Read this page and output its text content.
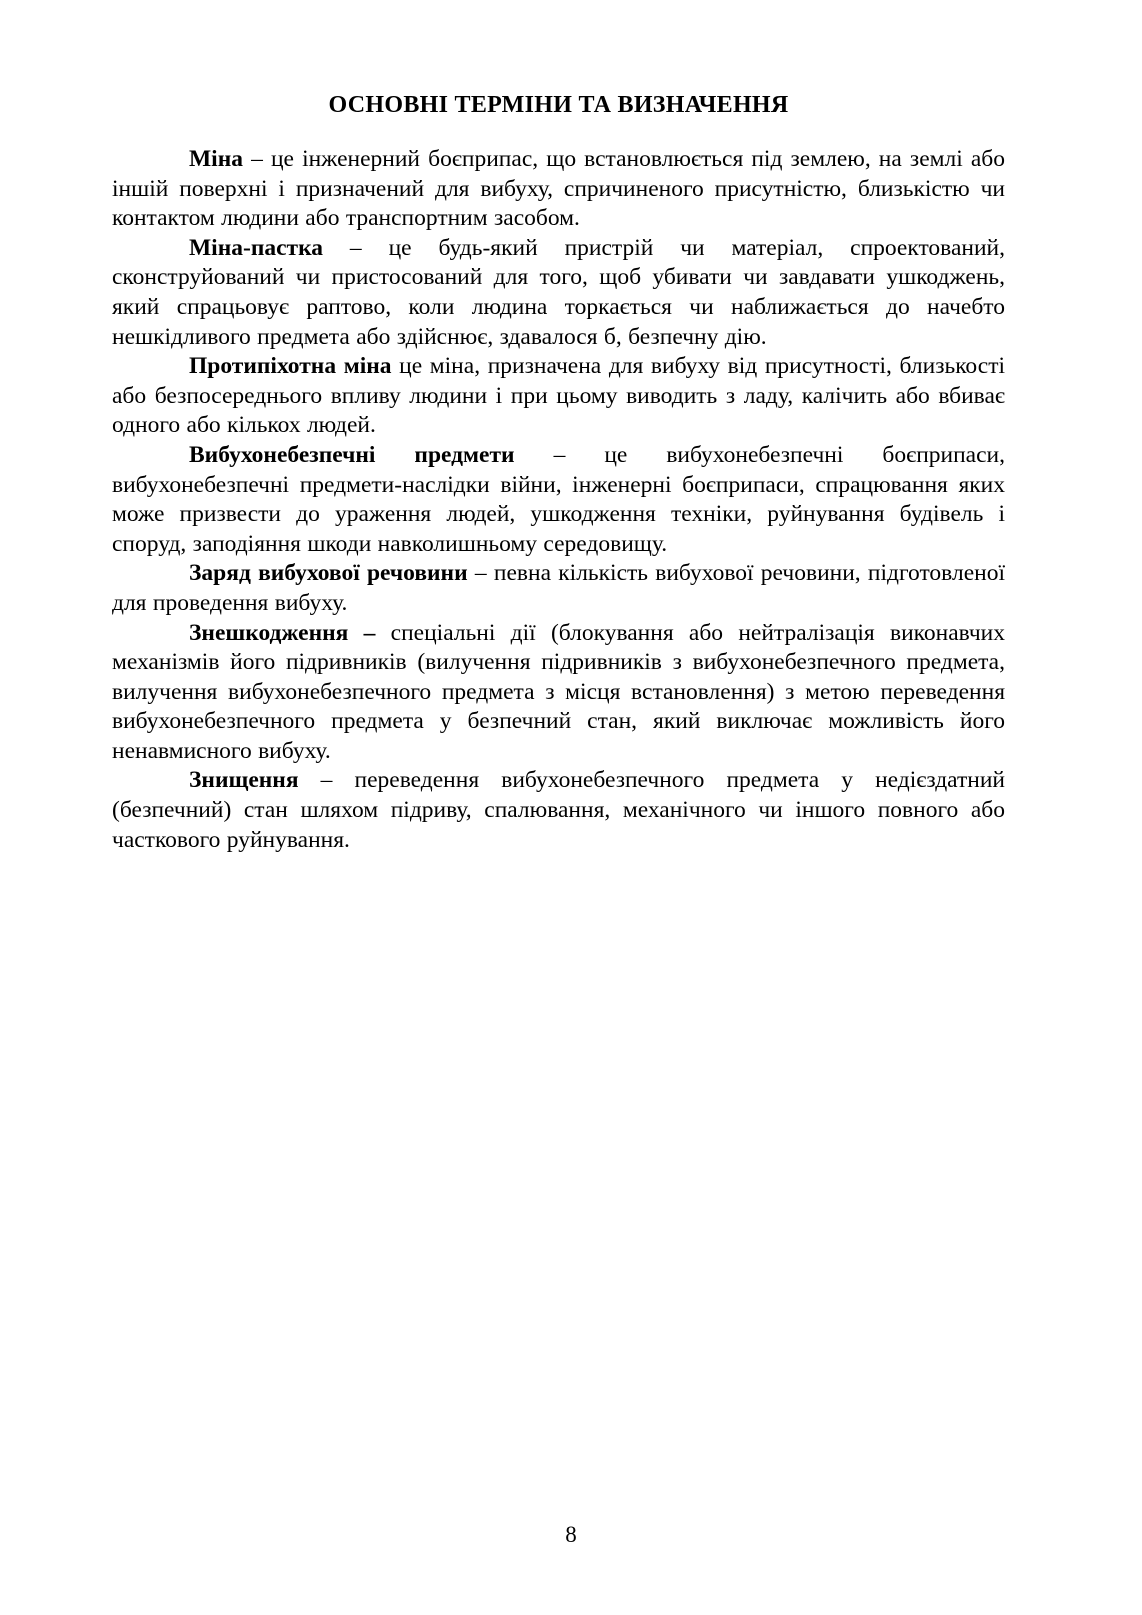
ОСНОВНІ ТЕРМІНИ ТА ВИЗНАЧЕННЯ

Міна – це інженерний боєприпас, що встановлюється під землею, на землі або іншій поверхні і призначений для вибуху, спричиненого присутністю, близькістю чи контактом людини або транспортним засобом.

Міна-пастка – це будь-який пристрій чи матеріал, спроектований, сконструйований чи пристосований для того, щоб убивати чи завдавати ушкоджень, який спрацьовує раптово, коли людина торкається чи наближається до начебто нешкідливого предмета або здійснює, здавалося б, безпечну дію.

Протипіхотна міна це міна, призначена для вибуху від присутності, близькості або безпосереднього впливу людини і при цьому виводить з ладу, калічить або вбиває одного або кількох людей.

Вибухонебезпечні предмети – це вибухонебезпечні боєприпаси, вибухонебезпечні предмети-наслідки війни, інженерні боєприпаси, спрацювання яких може призвести до ураження людей, ушкодження техніки, руйнування будівель і споруд, заподіяння шкоди навколишньому середовищу.

Заряд вибухової речовини – певна кількість вибухової речовини, підготовленої для проведення вибуху.

Знешкодження – спеціальні дії (блокування або нейтралізація виконавчих механізмів його підривників (вилучення підривників з вибухонебезпечного предмета, вилучення вибухонебезпечного предмета з місця встановлення) з метою переведення вибухонебезпечного предмета у безпечний стан, який виключає можливість його ненавмисного вибуху.

Знищення – переведення вибухонебезпечного предмета у недієздатний (безпечний) стан шляхом підриву, спалювання, механічного чи іншого повного або часткового руйнування.

8
